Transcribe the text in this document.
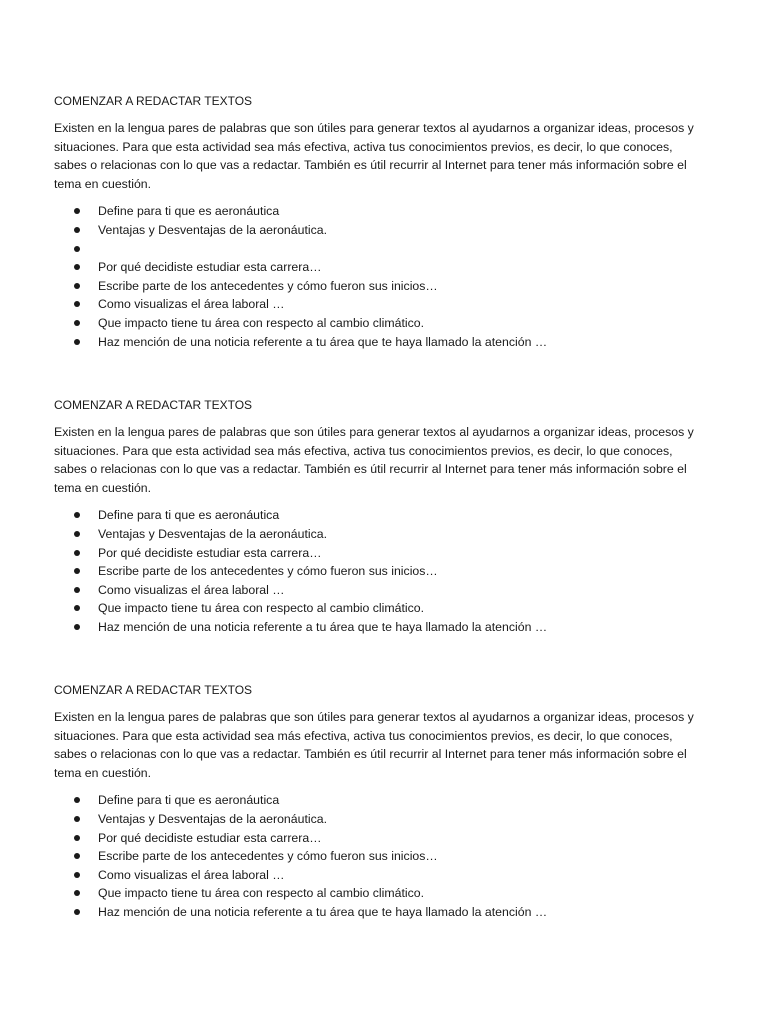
COMENZAR A REDACTAR TEXTOS

Existen en la lengua pares de palabras que son útiles para generar textos al ayudarnos a organizar ideas, procesos y situaciones. Para que esta actividad sea más efectiva, activa tus conocimientos previos, es decir, lo que conoces, sabes o relacionas con lo que vas a redactar. También es útil recurrir al Internet para tener más información sobre el tema en cuestión.

Define para ti que es aeronáutica
Ventajas y Desventajas de la aeronáutica.
Por qué decidiste estudiar esta carrera…
Escribe parte de los antecedentes y cómo fueron sus inicios…
Como visualizas el área laboral …
Que impacto tiene tu área con respecto al cambio climático.
Haz mención de una noticia referente a tu área que te haya llamado la atención …
COMENZAR A REDACTAR TEXTOS

Existen en la lengua pares de palabras que son útiles para generar textos al ayudarnos a organizar ideas, procesos y situaciones. Para que esta actividad sea más efectiva, activa tus conocimientos previos, es decir, lo que conoces, sabes o relacionas con lo que vas a redactar. También es útil recurrir al Internet para tener más información sobre el tema en cuestión.

Define para ti que es aeronáutica
Ventajas y Desventajas de la aeronáutica.
Por qué decidiste estudiar esta carrera…
Escribe parte de los antecedentes y cómo fueron sus inicios…
Como visualizas el área laboral …
Que impacto tiene tu área con respecto al cambio climático.
Haz mención de una noticia referente a tu área que te haya llamado la atención …
COMENZAR A REDACTAR TEXTOS

Existen en la lengua pares de palabras que son útiles para generar textos al ayudarnos a organizar ideas, procesos y situaciones. Para que esta actividad sea más efectiva, activa tus conocimientos previos, es decir, lo que conoces, sabes o relacionas con lo que vas a redactar. También es útil recurrir al Internet para tener más información sobre el tema en cuestión.

Define para ti que es aeronáutica
Ventajas y Desventajas de la aeronáutica.
Por qué decidiste estudiar esta carrera…
Escribe parte de los antecedentes y cómo fueron sus inicios…
Como visualizas el área laboral …
Que impacto tiene tu área con respecto al cambio climático.
Haz mención de una noticia referente a tu área que te haya llamado la atención …
